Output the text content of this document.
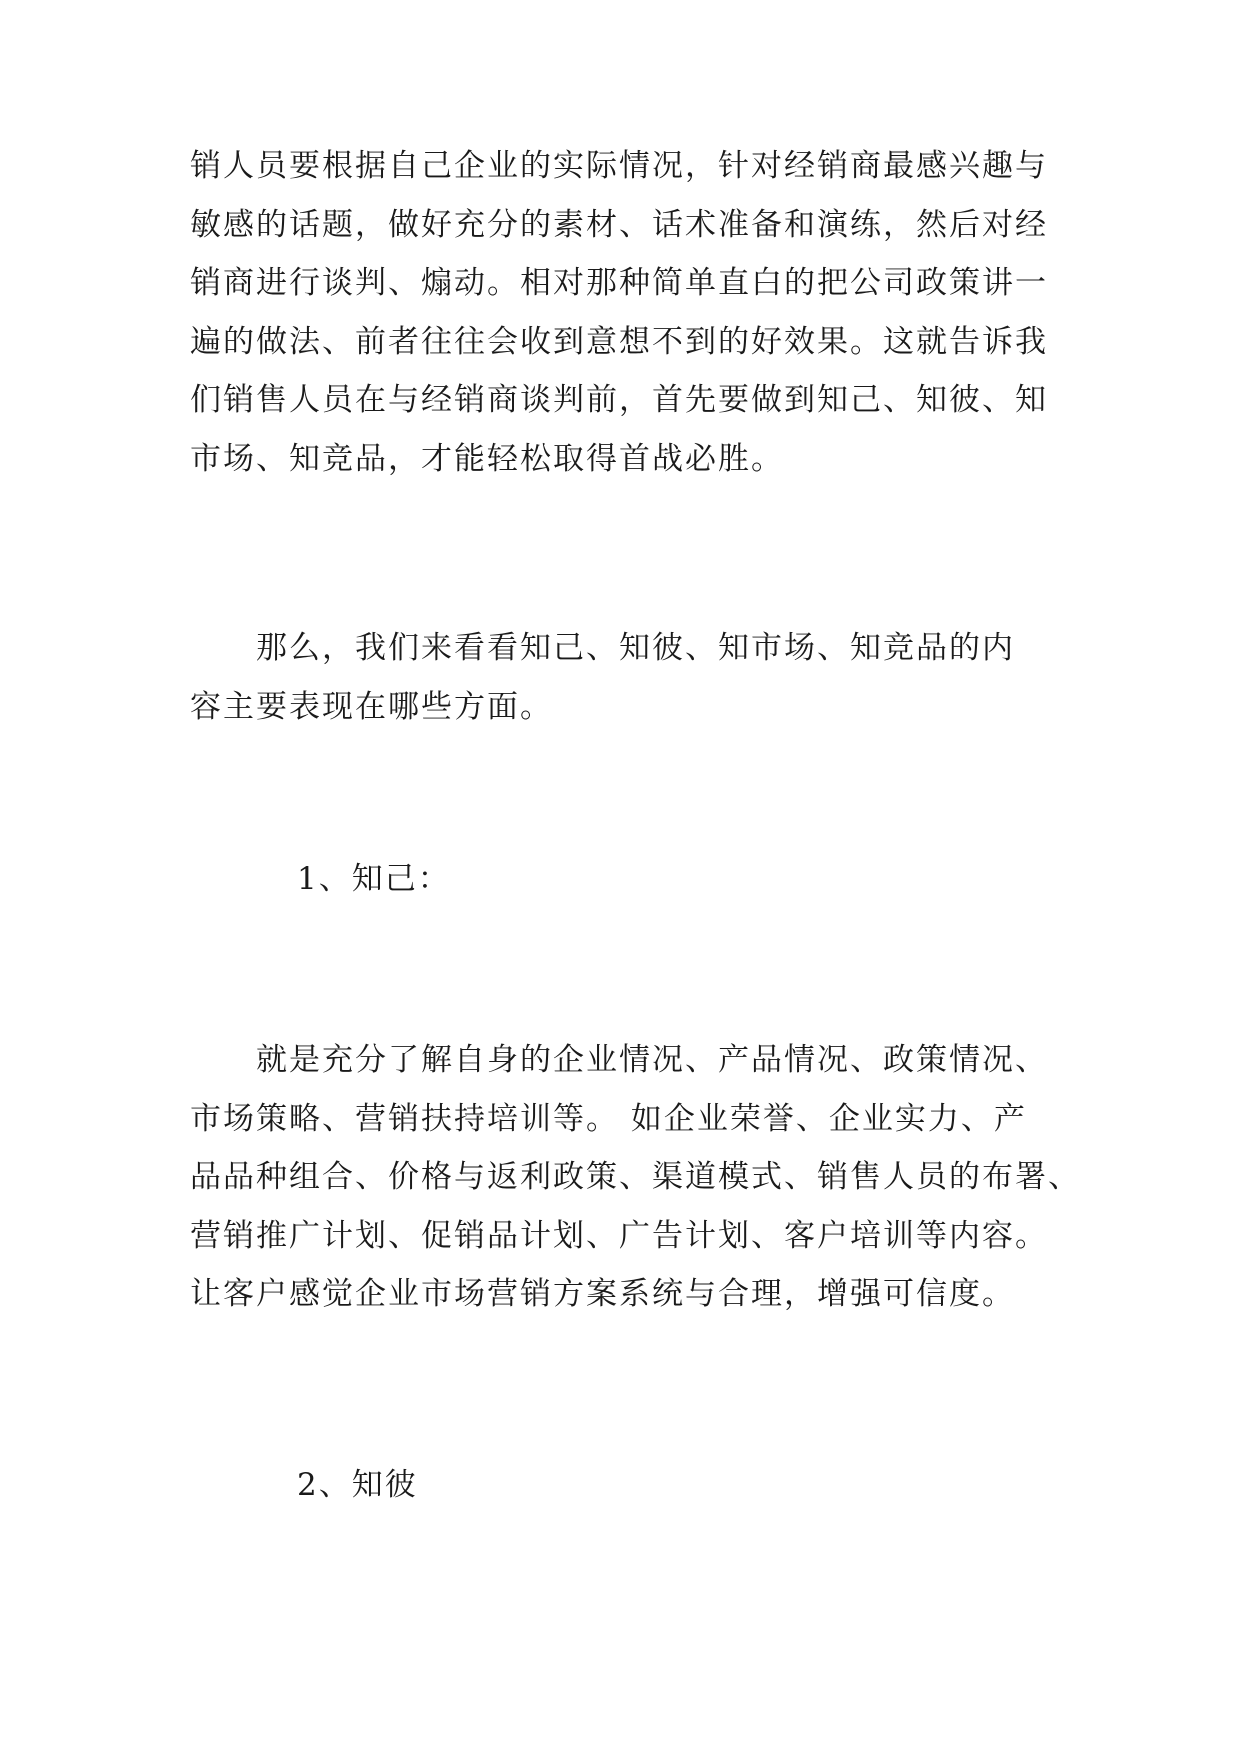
销人员要根据自己企业的实际情况，针对经销商最感兴趣与
敏感的话题，做好充分的素材、话术准备和演练，然后对经
销商进行谈判、煽动。相对那种简单直白的把公司政策讲一
遍的做法、前者往往会收到意想不到的好效果。这就告诉我
们销售人员在与经销商谈判前，首先要做到知己、知彼、知
市场、知竞品，才能轻松取得首战必胜。
　　那么，我们来看看知己、知彼、知市场、知竞品的内
容主要表现在哪些方面。

1、知己：

　　就是充分了解自身的企业情况、产品情况、政策情况、
市场策略、营销扶持培训等。 如企业荣誉、企业实力、产
品品种组合、价格与返利政策、渠道模式、销售人员的布署、
营销推广计划、促销品计划、广告计划、客户培训等内容。
让客户感觉企业市场营销方案系统与合理，增强可信度。

2、知彼
